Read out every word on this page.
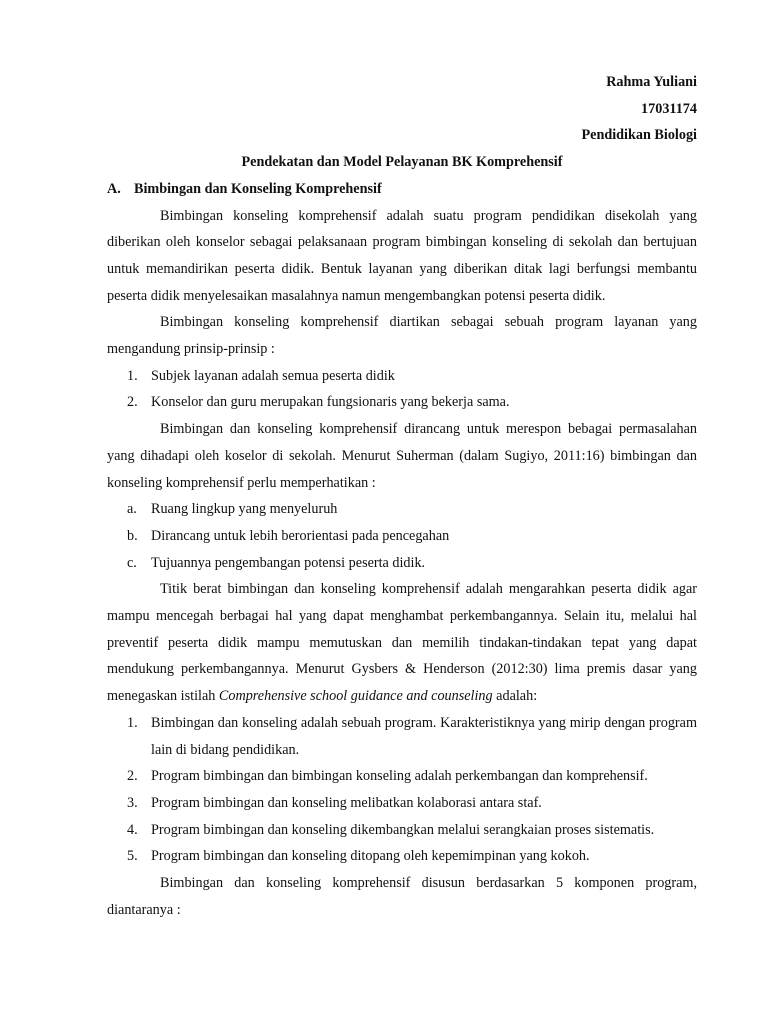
Rahma Yuliani

17031174

Pendidikan Biologi

Pendekatan dan Model Pelayanan BK Komprehensif

A. Bimbingan dan Konseling Komprehensif

Bimbingan konseling komprehensif adalah suatu program pendidikan disekolah yang diberikan oleh konselor sebagai pelaksanaan program bimbingan konseling di sekolah dan bertujuan untuk memandirikan peserta didik. Bentuk layanan yang diberikan ditak lagi berfungsi membantu peserta didik menyelesaikan masalahnya namun mengembangkan potensi peserta didik.

Bimbingan konseling komprehensif diartikan sebagai sebuah program layanan yang mengandung prinsip-prinsip :

1. Subjek layanan adalah semua peserta didik
2. Konselor dan guru merupakan fungsionaris yang bekerja sama.

Bimbingan dan konseling komprehensif dirancang untuk merespon bebagai permasalahan yang dihadapi oleh koselor di sekolah. Menurut Suherman (dalam Sugiyo, 2011:16) bimbingan dan konseling komprehensif perlu memperhatikan :

a. Ruang lingkup yang menyeluruh
b. Dirancang untuk lebih berorientasi pada pencegahan
c. Tujuannya pengembangan potensi peserta didik.

Titik berat bimbingan dan konseling komprehensif adalah mengarahkan peserta didik agar mampu mencegah berbagai hal yang dapat menghambat perkembangannya. Selain itu, melalui hal preventif peserta didik mampu memutuskan dan memilih tindakan-tindakan tepat yang dapat mendukung perkembangannya. Menurut Gysbers & Henderson (2012:30) lima premis dasar yang menegaskan istilah Comprehensive school guidance and counseling adalah:

1. Bimbingan dan konseling adalah sebuah program. Karakteristiknya yang mirip dengan program lain di bidang pendidikan.
2. Program bimbingan dan bimbingan konseling adalah perkembangan dan komprehensif.
3. Program bimbingan dan konseling melibatkan kolaborasi antara staf.
4. Program bimbingan dan konseling dikembangkan melalui serangkaian proses sistematis.
5. Program bimbingan dan konseling ditopang oleh kepemimpinan yang kokoh.

Bimbingan dan konseling komprehensif disusun berdasarkan 5 komponen program, diantaranya :
